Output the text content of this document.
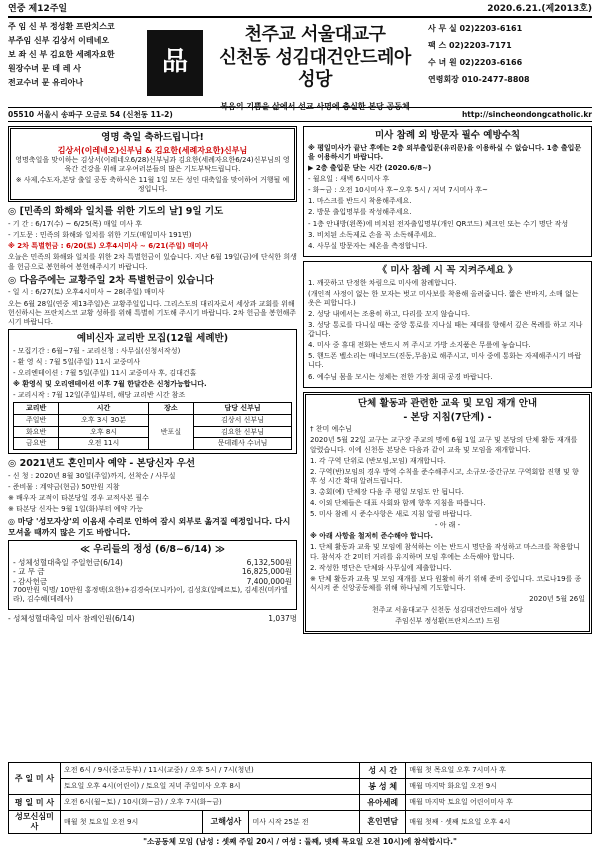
연중 제12주일	2020.6.21.(제2013호)
주 임 신 부 정성환 프란치스코
부주임 신부 김상서 이테네오
보 좌 신 부 김요한 세례자요한
원장수녀 문 데 레 사
전교수녀 문 유리아나
品
천주교 서울대교구
신천동 성김대건안드레아 성당
복음의 기쁨을 삶에서 선교 사명에 충실한 본당 공동체
사 무 실 02)2203-6161
팩 스 02)2203-7171
수 녀 원 02)2203-6166
연령회장 010-2477-8808
05510 서울시 송파구 오금로 54 (신천동 11-2)	http://sincheondongcatholic.kr
영명 축일 축하드립니다!
김상서(이레네오)신부님 & 김요한(세례자요한)신부님
영명축일을 맞이하는 김상서(이레네오6/28)신부님과 김요한(세례자요한6/24)신부님의 영육간 건강을 위해 교우여러분들의 많은 기도부탁드립니다.
※ 사제,수도자,본당 출일 공동 축하식은 11월 1일 모든 성인 대축일을 맞이하여 거행될 예정입니다.
◎ [민족의 화해와 일치를 위한 기도의 날] 9일 기도
- 기 간 : 6/17(수) ~ 6/25(목) 매일 미사 후
- 기도문 : 민족의 화해와 일치를 위한 기도(매일미사 191면)
※ 2차 특별헌금 : 6/20(토) 오후4시미사 ~ 6/21(주일) 매미사
오늘은 민족의 화해와 일치를 위한 2차 특별헌금이 있습니다. 지난 6월 19일(금)에 단식한 희생을 헌금으로 봉헌하여 봉헌해주시기 바랍니다.
◎ 다음주에는 교황주일 2차 특별헌금이 있습니다
- 일 시 : 6/27(토) 오후4시미사 ~ 28(주일) 매미사
오는 6월 28일(연중 제13주일)은 교황주일입니다. 그리스도의 대리자로서 세상과 교회를 위해 헌신하시는 프란치스코 교황 성하를 위해 특별히 기도해 주시기 바랍니다. 2차 헌금을 봉헌해주시기 바랍니다.
예비신자 교리반 모집(12월 세례반)
- 모집기간 : 6월~7월 - 교리신청 : 사무실(신청서작성)
- 환 영 식 : 7월 5일(주일) 11시 교중미사
- 오리엔테이션 : 7월 5일(주일) 11시 교중미사 후, 김대건홀
※ 환영식 및 오리엔테이션 이후 7월 한달간은 신청가능합니다.
- 교리시작 : 7월 12일(주일)부터, 해당 교리반 시간 참조
교리반	시간	장소	담당 신부님
주일반	오후 3시 30분	반포실	김상서 신부님
화요반	오후 8시		김요한 신부님
금요반	오전 11시		문데레사 수녀님
◎ 2021년도 혼인미사 예약 - 본당신자 우선
- 신 청 : 2020년 8월 30일(주일)까지, 선착순 / 사무실
- 준비물 : 계약금(현금) 50만원 지참
※ 배우자 교적이 타본당일 경우 교적사본 필수
※ 타본당 신자는 9월 1일(화)부터 예약 가능
◎ 마당 '성모자상'의 이음새 수리로 인하여 잠시 외부로 옮겨질 예정입니다. 다시 모셔올 때까지 많은 기도 바랍니다.
≪ 우리들의 정성 (6/8~6/14) ≫
- 성체성혈대축일 주일헌금(6/14)	6,132,500원
- 교 무 금	16,825,000원
- 감사헌금	7,400,000원
700만원 익명/ 10만원 홍정택(요한)+김경숙(모니카)이, 김성호(알베르토), 김세진(미카엘라), 김수혜(데레사)
- 성체성혈대축일 미사 참례인원(6/14)	1,037명
미사 참례 외 방문자 필수 예방수칙
※ 평일미사가 끝난 후에는 2층 외부출입문(유리문)을 이용하실 수 없습니다. 1층 출입문을 이용하시기 바랍니다.
▶ 2층 출입문 닫는 시간 (2020.6/8~)
- 월요일 : 새벽 6시미사 후
- 화~금 : 오전 10시미사 후~오후 5시 / 저녁 7시미사 후~
1. 마스크를 반드시 착용해주세요.
2. 방문 출입명부를 작성해주세요.
- 1층 안내방(왼쪽)에 비치된 전자출입명부(개인 QR코드) 체크인 또는 수기 명단 작성
3. 비치된 소독제로 손을 꼭 소독해주세요.
4. 사무실 방문자는 체온을 측정합니다.
《 미사 참례 시 꼭 지켜주세요 》
1. 깨끗하고 단정한 차림으로 미사에 참례합니다.
(개인적 사정이 없는 한 모자는 벗고 미사보를 착용해 올려줍니다. 짧은 반바지, 소매 없는 옷은 피합니다.)
2. 성당 내에서는 조용히 하고, 다리를 꼬지 않습니다.
3. 성당 통로를 다니실 때는 중앙 통로를 지나실 때는 제대를 향해서 깊은 목례를 하고 지나갑니다.
4. 미사 중 휴대 전화는 반드시 꺼 주시고 가방 소지품은 무릎에 놓습니다.
5. 핸드폰 벨소리는 매너모드(진동,무음)로 해주시고, 미사 중에 통화는 자제해주시기 바랍니다.
6. 예수님 몸을 모시는 성체는 전한 가장 최대 공경 바랍니다.
단체 활동과 관련한 교육 및 모임 재개 안내
- 본당 지침(7단계) -
† 찬미 예수님
2020년 5월 22일 교구는 교구장 주교의 명에 6월 1일 교구 및 본당의 단체 활동 재개를 알렸습니다. 이에 신천동 본당은 다음과 같이 교육 및 모임을 재개합니다.
1. 각 구역 단위로 (반모임,모임) 재개합니다.
2. 구역(반)모임의 경우 방역 수칙을 준수해주시고, 소규모·중간규모 구역회합 진행 및 향후 성 시간 확대 알려드립니다.
3. 총회(예) 단체장 다음 주 평일 모임도 안 됩니다.
4. 이외 단체들은 대표 사회와 함께 향후 지침을 따릅니다.
5. 미사 참례 시 준수사항은 새로 지침 알림 바랍니다.
- 아 래 -
※ 아래 사항을 철저히 준수해야 합니다.
1. 단체 활동과 교육 및 모임에 참석하는 이는 반드시 명단을 작성하고 마스크를 착용합니다. 참석자 간 2미터 거리를 유지하며 모임 후에는 소독해야 합니다.
2. 작성한 명단은 단체와 사무실에 제출합니다.
※ 단체 활동과 교육 및 모임 재개를 보다 원활히 하기 위해 준비 중입니다. 코로나19를 종식시켜 준 신앙공동체를 위해 하나님께 기도합니다.
2020년 5월 26일
천주교 서울대교구 신천동 성김대건안드레아 성당
주임신부 정성환(프란치스코) 드림
주 일 미 사	오전 6시 / 9시(중고등부) / 11시(교중) / 오후 5시 / 7시(청년)			성 시 간	매월 첫 목요일 오후 7시미사 후
	토요일 오후 4시(어린이) / 토요일 저녁 주일미사 오후 8시			봉 성 체	매월 마지막 화요일 오전 9시
평 일 미 사	오전 6시(월~토) / 10시(화~금) / 오후 7시(화~금)			유아세례	매월 마지막 토요일 어린이미사 후
성모신심미사	매월 첫 토요일 오전 9시	고해성사	미사 시작 25분 전	혼인면담	매월 첫째 · 셋째 토요일 오후 4시
"소공동체 모임 (남성 : 셋째 주일 20시 / 여성 : 둘째, 넷째 목요일 오전 10시)에 참석합시다."
